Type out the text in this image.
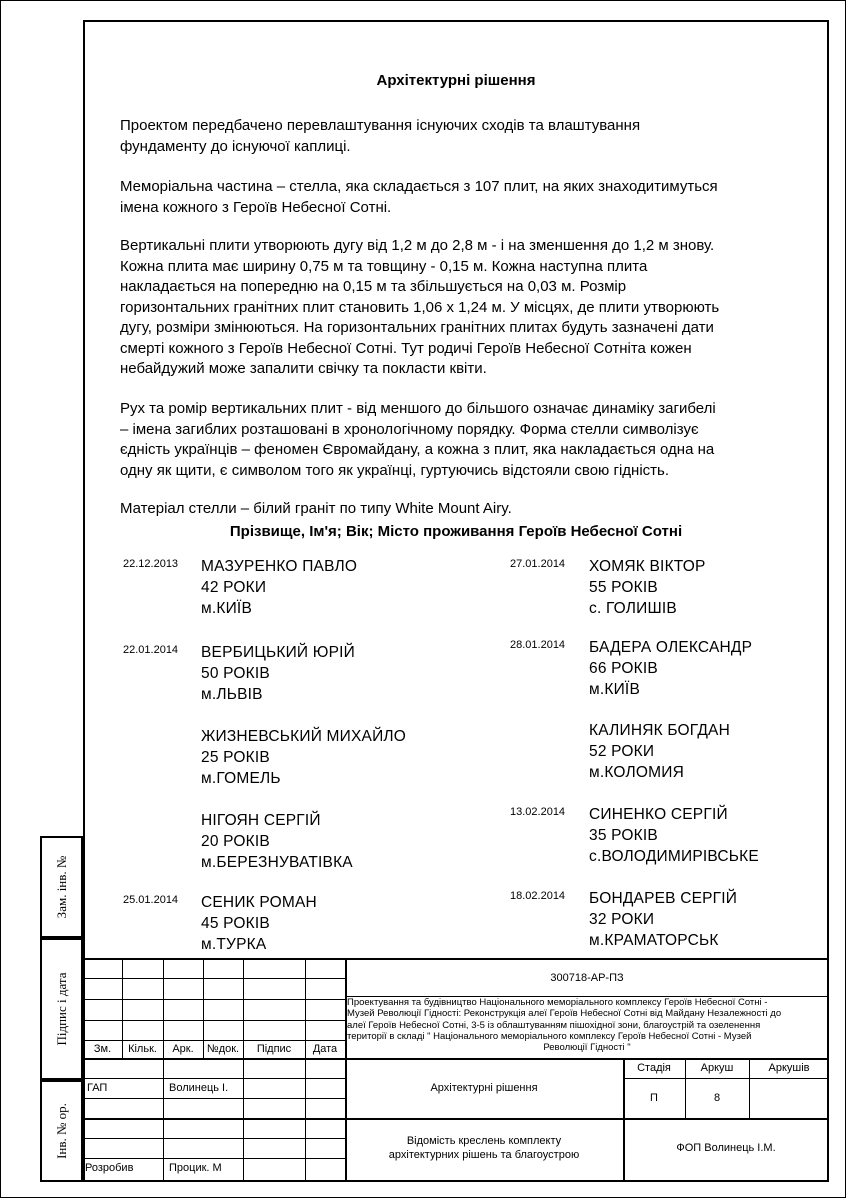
Архітектурні рішення
Проектом передбачено перевлаштування існуючих сходів та влаштування
фундаменту до існуючої каплиці.
Меморіальна частина – стелла, яка складається з 107 плит, на яких знаходитимуться
імена кожного з Героїв Небесної Сотні.
Вертикальні плити утворюють дугу від 1,2 м до 2,8 м - і на зменшення до 1,2 м знову.
Кожна плита має ширину 0,75 м та товщину - 0,15 м. Кожна наступна плита
накладається на попередню на 0,15 м та збільшується на 0,03 м. Розмір
горизонтальних гранітних плит становить 1,06 х 1,24 м. У місцях, де плити утворюють
дугу, розміри змінюються. На горизонтальних гранітних плитах будуть зазначені дати
смерті кожного з Героїв Небесної Сотні. Тут родичі Героїв Небесної Сотніта кожен
небайдужий може запалити свічку та покласти квіти.
Рух та ромір вертикальних плит - від меншого до більшого означає динаміку загибелі
– імена загиблих розташовані в хронологічному порядку. Форма стелли символізує
єдність українців – феномен Євромайдану, а кожна з плит, яка накладається одна на
одну як щити, є символом того як українці, гуртуючись відстояли свою гідність.
Матеріал стелли – білий граніт по типу White Mount Airy.
Прізвище, Ім'я; Вік; Місто проживання Героїв Небесної Сотні
22.12.2013 МАЗУРЕНКО ПАВЛО
42 РОКИ
м.КИЇВ
22.01.2014 ВЕРБИЦЬКИЙ ЮРІЙ
50 РОКІВ
м.ЛЬВІВ
ЖИЗНЕВСЬКИЙ МИХАЙЛО
25 РОКІВ
м.ГОМЕЛЬ
НІГОЯН СЕРГІЙ
20 РОКІВ
м.БЕРЕЗНУВАТІВКА
25.01.2014 СЕНИК РОМАН
45 РОКІВ
м.ТУРКА
27.01.2014 ХОМЯК ВІКТОР
55 РОКІВ
с. ГОЛИШІВ
28.01.2014 БАДЕРА ОЛЕКСАНДР
66 РОКІВ
м.КИЇВ
КАЛИНЯК БОГДАН
52 РОКИ
м.КОЛОМИЯ
13.02.2014 СИНЕНКО СЕРГІЙ
35 РОКІВ
с.ВОЛОДИМИРІВСЬКЕ
18.02.2014 БОНДАРЕВ СЕРГІЙ
32 РОКИ
м.КРАМАТОРСЬК
Зам. інв. №
Підпис і дата
Інв. № ор.
300718-АР-ПЗ
Проектування та будівництво Національного меморіального комплексу Героїв Небесної Сотні -
Музей Революції Гідності: Реконструкція алеї Героїв Небесної Сотні від Майдану Незалежності до
алеї Героїв Небесної Сотні, 3-5 із облаштуванням пішохідної зони, благоустрій та озеленення
території в складі " Національного меморіального комплексу Героїв Небесної Сотні - Музей
Революції Гідності "
Зм.	Кільк.	Арк.	№док.	Підпис	Дата
ГАП	Волинець І.	Архітектурні рішення
Стадія	Аркуш	Аркушів
П	8
Відомість креслень комплекту
архітектурних рішень та благоустрою
ФОП Волинець І.М.
Розробив	Процик. М
